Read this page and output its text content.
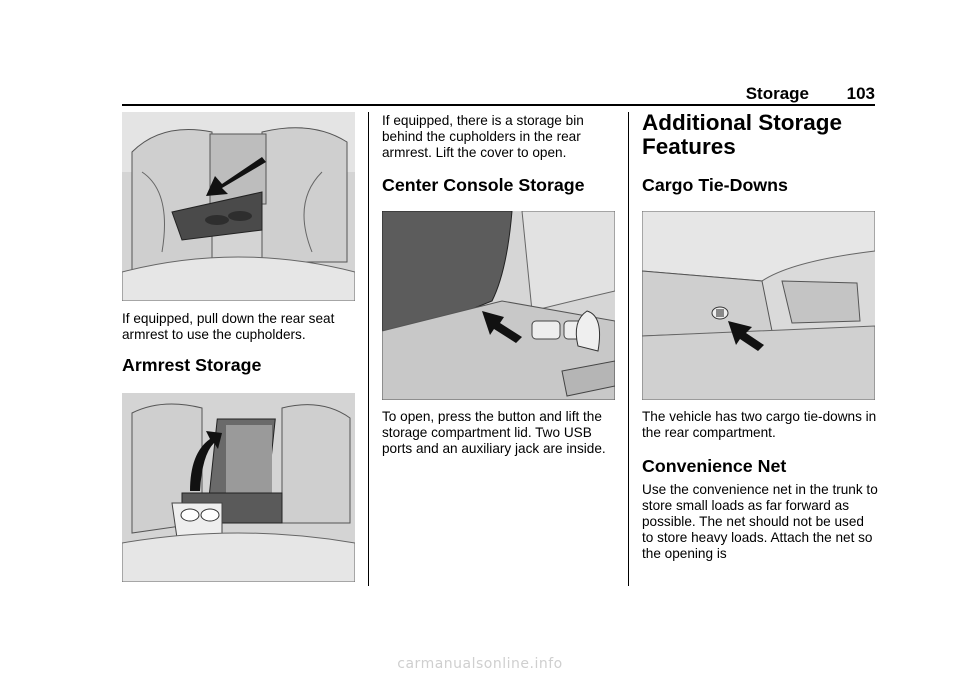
Storage 103

If equipped, pull down the rear seat armrest to use the cupholders.

Armrest Storage

If equipped, there is a storage bin behind the cupholders in the rear armrest. Lift the cover to open.

Center Console Storage

To open, press the button and lift the storage compartment lid. Two USB ports and an auxiliary jack are inside.

Additional Storage Features
Cargo Tie-Downs

The vehicle has two cargo tie-downs in the rear compartment.

Convenience Net

Use the convenience net in the trunk to store small loads as far forward as possible. The net should not be used to store heavy loads. Attach the net so the opening is

carmanualsonline.info
